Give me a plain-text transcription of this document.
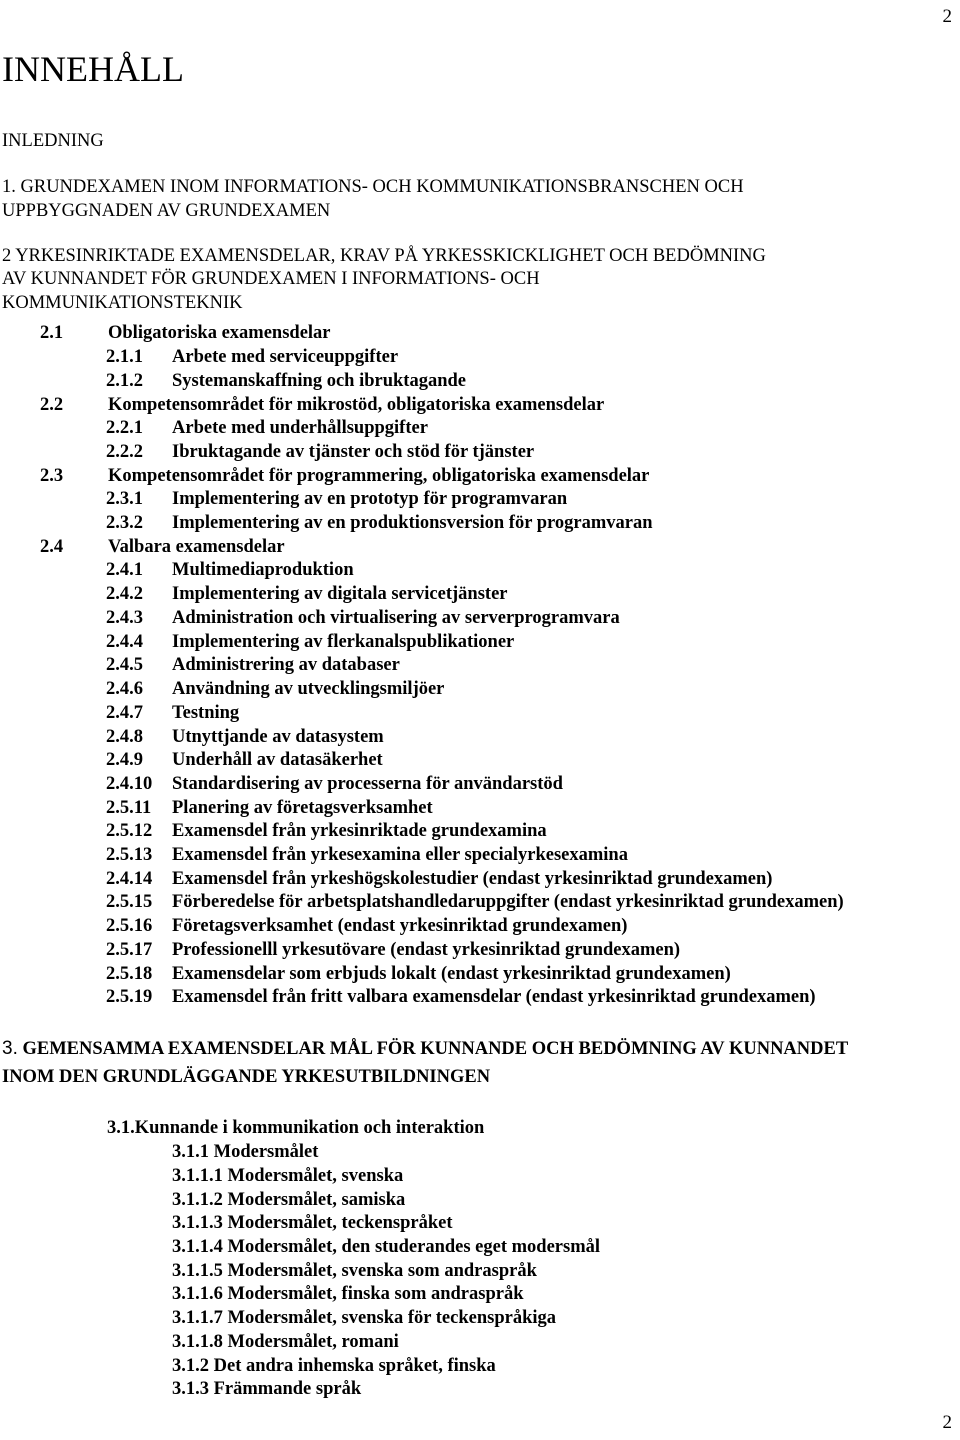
2
INNEHÅLL
INLEDNING
1. GRUNDEXAMEN INOM INFORMATIONS- OCH KOMMUNIKATIONSBRANSCHEN OCH
UPPBYGGNADEN AV GRUNDEXAMEN
2 YRKESINRIKTADE EXAMENSDELAR, KRAV PÅ YRKESSKICKLIGHET OCH BEDÖMNING
AV KUNNANDET FÖR GRUNDEXAMEN I INFORMATIONS- OCH
KOMMUNIKATIONSTEKNIK
2.1 Obligatoriska examensdelar
2.1.1 Arbete med serviceuppgifter
2.1.2 Systemanskaffning och ibruktagande
2.2 Kompetensområdet för mikrostöd, obligatoriska examensdelar
2.2.1 Arbete med underhållsuppgifter
2.2.2 Ibruktagande av tjänster och stöd för tjänster
2.3 Kompetensområdet för programmering, obligatoriska examensdelar
2.3.1 Implementering av en prototyp för programvaran
2.3.2 Implementering av en produktionsversion för programvaran
2.4 Valbara examensdelar
2.4.1 Multimediaproduktion
2.4.2 Implementering av digitala servicetjänster
2.4.3 Administration och virtualisering av serverprogramvara
2.4.4 Implementering av flerkanalspublikationer
2.4.5 Administrering av databaser
2.4.6 Användning av utvecklingsmiljöer
2.4.7 Testning
2.4.8 Utnyttjande av datasystem
2.4.9 Underhåll av datasäkerhet
2.4.10 Standardisering av processerna för användarstöd
2.5.11 Planering av företagsverksamhet
2.5.12 Examensdel från yrkesinriktade grundexamina
2.5.13 Examensdel från yrkesexamina eller specialyrkesexamina
2.4.14 Examensdel från yrkeshögskolestudier (endast yrkesinriktad grundexamen)
2.5.15 Förberedelse för arbetsplatshandledaruppgifter (endast yrkesinriktad grundexamen)
2.5.16 Företagsverksamhet (endast yrkesinriktad grundexamen)
2.5.17 Professionelll yrkesutövare (endast yrkesinriktad grundexamen)
2.5.18 Examensdelar som erbjuds lokalt (endast yrkesinriktad grundexamen)
2.5.19 Examensdel från fritt valbara examensdelar (endast yrkesinriktad grundexamen)
3. GEMENSAMMA EXAMENSDELAR MÅL FÖR KUNNANDE OCH BEDÖMNING AV KUNNANDET
INOM DEN GRUNDLÄGGANDE YRKESUTBILDNINGEN
3.1.Kunnande i kommunikation och interaktion
3.1.1 Modersmålet
3.1.1.1 Modersmålet, svenska
3.1.1.2 Modersmålet, samiska
3.1.1.3 Modersmålet, teckenspråket
3.1.1.4 Modersmålet, den studerandes eget modersmål
3.1.1.5 Modersmålet, svenska som andraspråk
3.1.1.6 Modersmålet, finska som andraspråk
3.1.1.7 Modersmålet, svenska för teckenspråkiga
3.1.1.8 Modersmålet, romani
3.1.2 Det andra inhemska språket, finska
3.1.3 Främmande språk
2
